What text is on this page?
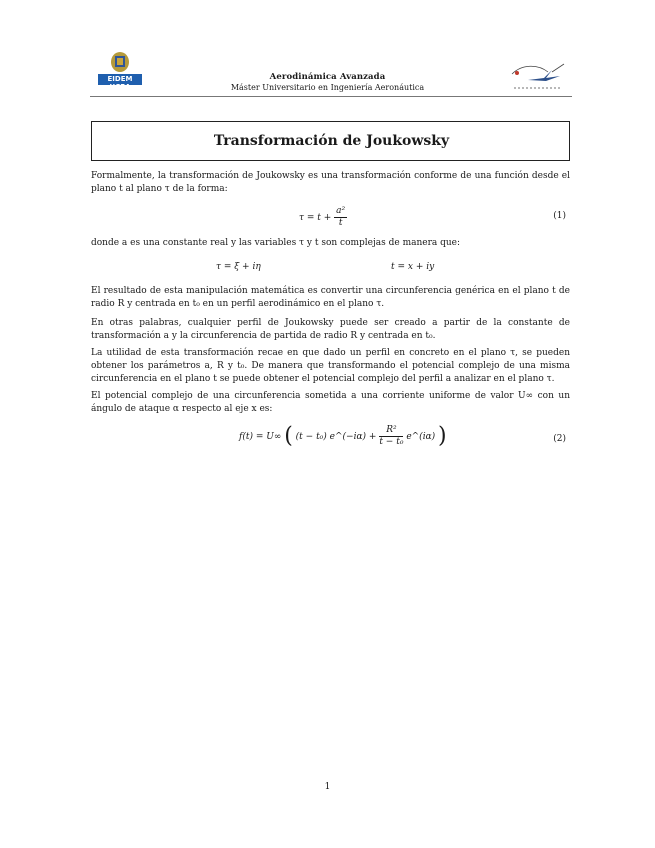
EIDEM UCEA
Aerodinámica Avanzada
Máster Universitario en Ingeniería Aeronáutica
Transformación de Joukowsky
Formalmente, la transformación de Joukowsky es una transformación conforme de una función desde el plano t al plano τ de la forma:
$\tau = t + \frac{\text{a²}}{t}$	(1)
donde a es una constante real y las variables τ y t son complejas de manera que:
τ = ξ + iη	t = x + iy
El resultado de esta manipulación matemática es convertir una circunferencia genérica en el plano t de radio R y centrada en t₀ en un perfil aerodinámico en el plano τ.
En otras palabras, cualquier perfil de Joukowsky puede ser creado a partir de la constante de transformación a y la circunferencia de partida de radio R y centrada en t₀.
La utilidad de esta transformación recae en que dado un perfil en concreto en el plano τ, se pueden obtener los parámetros a, R y t₀. De manera que transformando el potencial complejo de una misma circunferencia en el plano t se puede obtener el potencial complejo del perfil a analizar en el plano τ.
El potencial complejo de una circunferencia sometida a una corriente uniforme de valor U∞ con un ángulo de ataque α respecto al eje x es:
f(t) = U∞ ( (t − t₀) e^(−iα) + $\frac{\text{R²}}{\text{t − t₀}}$ e^(iα) )	(2)
1
